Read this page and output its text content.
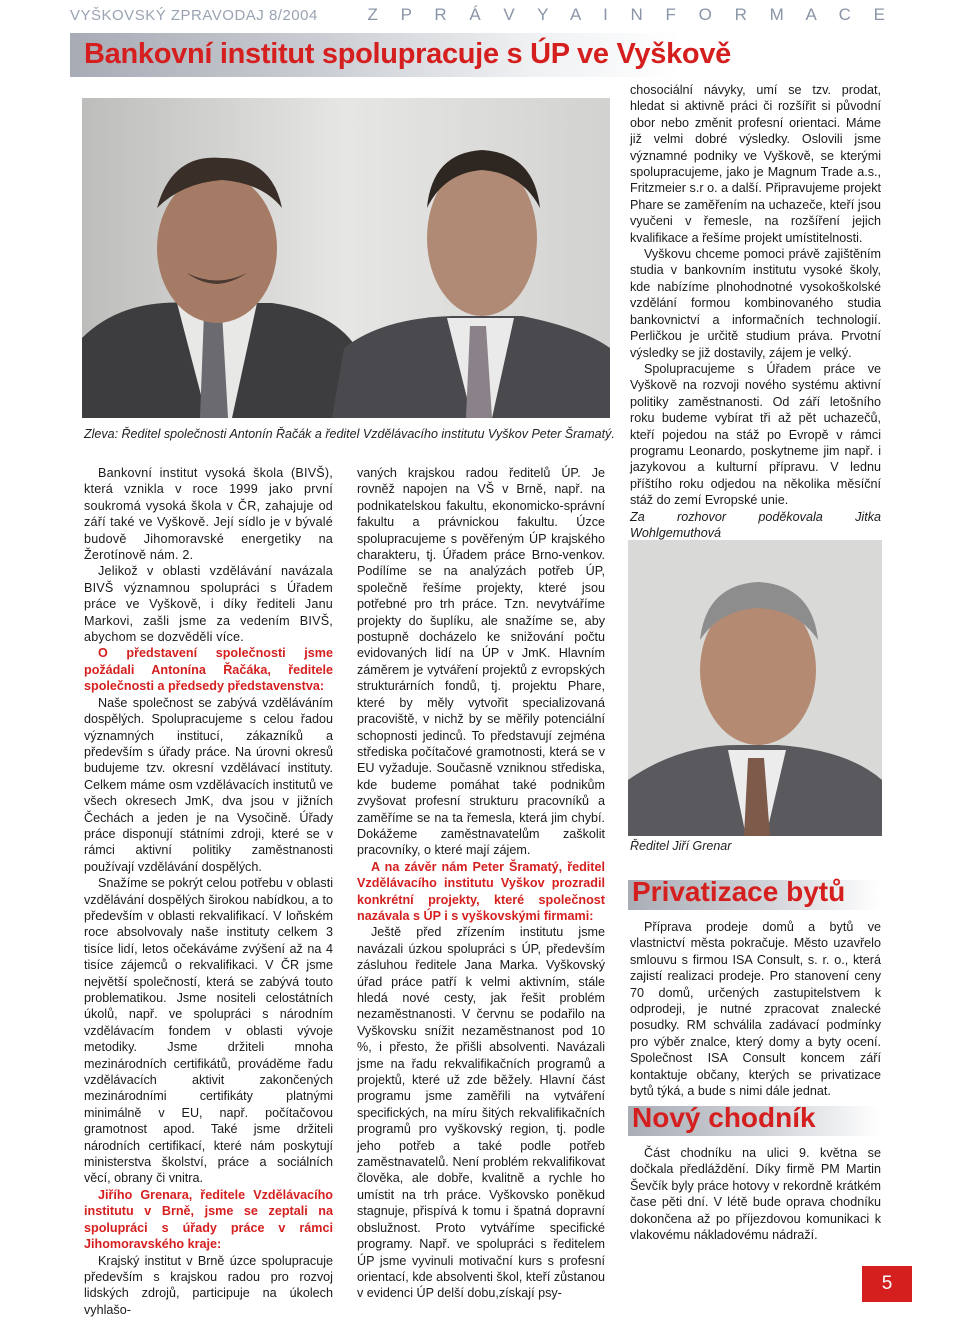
VYŠKOVSKÝ ZPRAVODAJ 8/2004	Z P R Á V Y A I N F O R M A C E
Bankovní institut spolupracuje s ÚP ve Vyškově
Zleva: Ředitel společnosti Antonín Řačák a ředitel Vzdělávacího institutu Vyškov Peter Šramatý.

Bankovní institut vysoká škola (BIVŠ), která vznikla v roce 1999 jako první soukromá vysoká škola v ČR, zahajuje od září také ve Vyškově. Její sídlo je v bývalé budově Jihomoravské energetiky na Žerotínově nám. 2.

Jelikož v oblasti vzdělávání navázala BIVŠ významnou spolupráci s Úřadem práce ve Vyškově, i díky řediteli Janu Markovi, zašli jsme za vedením BIVŠ, abychom se dozvěděli více.

O představení společnosti jsme požádali Antonína Řačáka, ředitele společnosti a předsedy představenstva:

Naše společnost se zabývá vzděláváním dospělých. Spolupracujeme s celou řadou významných institucí, zákazníků a především s úřady práce. Na úrovni okresů budujeme tzv. okresní vzdělávací instituty. Celkem máme osm vzdělávacích institutů ve všech okresech JmK, dva jsou v jižních Čechách a jeden je na Vysočině. Úřady práce disponují státními zdroji, které se v rámci aktivní politiky zaměstnanosti používají vzdělávání dospělých.

Snažíme se pokrýt celou potřebu v oblasti vzdělávání dospělých širokou nabídkou, a to především v oblasti rekvalifikací. V loňském roce absolvovaly naše instituty celkem 3 tisíce lidí, letos očekáváme zvýšení až na 4 tisíce zájemců o rekvalifikaci. V ČR jsme největší společností, která se zabývá touto problematikou. Jsme nositeli celostátních úkolů, např. ve spolupráci s národním vzdělávacím fondem v oblasti vývoje metodiky. Jsme držiteli mnoha mezinárodních certifikátů, prováděme řadu vzdělávacích aktivit zakončených mezinárodními certifikáty platnými minimálně v EU, např. počítačovou gramotnost apod. Také jsme držiteli národních certifikací, které nám poskytují ministerstva školství, práce a sociálních věcí, obrany či vnitra.

Jiřího Grenara, ředitele Vzdělávacího institutu v Brně, jsme se zeptali na spolupráci s úřady práce v rámci Jihomoravského kraje:

Krajský institut v Brně úzce spolupracuje především s krajskou radou pro rozvoj lidských zdrojů, participuje na úkolech vyhlašo-

vaných krajskou radou ředitelů ÚP. Je rovněž napojen na VŠ v Brně, např. na podnikatelskou fakultu, ekonomicko-správní fakultu a právnickou fakultu. Úzce spolupracujeme s pověřeným ÚP krajského charakteru, tj. Úřadem práce Brno-venkov. Podílíme se na analýzách potřeb ÚP, společně řešíme projekty, které jsou potřebné pro trh práce. Tzn. nevytváříme projekty do šuplíku, ale snažíme se, aby postupně docházelo ke snižování počtu evidovaných lidí na ÚP v JmK. Hlavním záměrem je vytváření projektů z evropských strukturárních fondů, tj. projektu Phare, které by měly vytvořit specializovaná pracoviště, v nichž by se měřily potenciální schopnosti jedinců. To představují zejména střediska počítačové gramotnosti, která se v EU vyžaduje. Současně vzniknou střediska, kde budeme pomáhat také podnikům zvyšovat profesní strukturu pracovníků a zaměříme se na ta řemesla, která jim chybí. Dokážeme zaměstnavatelům zaškolit pracovníky, o které mají zájem.

A na závěr nám Peter Šramatý, ředitel Vzdělávacího institutu Vyškov prozradil konkrétní projekty, které společnost nazávala s ÚP i s vyškovskými firmami:

Ještě před zřízením institutu jsme navázali úzkou spolupráci s ÚP, především zásluhou ředitele Jana Marka. Vyškovský úřad práce patří k velmi aktivním, stále hledá nové cesty, jak řešit problém nezaměstnanosti. V červnu se podařilo na Vyškovsku snížit nezaměstnanost pod 10 %, i přesto, že přišli absolventi. Navázali jsme na řadu rekvalifikačních programů a projektů, které už zde běžely. Hlavní část programu jsme zaměřili na vytváření specifických, na míru šitých rekvalifikačních programů pro vyškovský region, tj. podle jeho potřeb a také podle potřeb zaměstnavatelů. Není problém rekvalifikovat člověka, ale dobře, kvalitně a rychle ho umístit na trh práce. Vyškovsko poněkud stagnuje, přispívá k tomu i špatná dopravní obslužnost. Proto vytváříme specifické programy. Např. ve spolupráci s ředitelem ÚP jsme vyvinuli motivační kurs s profesní orientací, kde absolventi škol, kteří zůstanou v evidenci ÚP delší dobu,získají psy-

chosociální návyky, umí se tzv. prodat, hledat si aktivně práci či rozšířit si původní obor nebo změnit profesní orientaci. Máme již velmi dobré výsledky. Oslovili jsme významné podniky ve Vyškově, se kterými spolupracujeme, jako je Magnum Trade a.s., Fritzmeier s.r o. a další. Připravujeme projekt Phare se zaměřením na uchazeče, kteří jsou vyučeni v řemesle, na rozšíření jejich kvalifikace a řešíme projekt umístitelnosti.

Vyškovu chceme pomoci právě zajištěním studia v bankovním institutu vysoké školy, kde nabízíme plnohodnotné vysokoškolské vzdělání formou kombinovaného studia bankovnictví a informačních technologií. Perličkou je určitě studium práva. Prvotní výsledky se již dostavily, zájem je velký.

Spolupracujeme s Úřadem práce ve Vyškově na rozvoji nového systému aktivní politiky zaměstnanosti. Od září letošního roku budeme vybírat tři až pět uchazečů, kteří pojedou na stáž po Evropě v rámci programu Leonardo, poskytneme jim např. i jazykovou a kulturní přípravu. V lednu příštího roku odjedou na několika měsíční stáž do zemí Evropské unie.

Za rozhovor poděkovala Jitka Wohlgemuthová

Ředitel Jiří Grenar
Privatizace bytů

Příprava prodeje domů a bytů ve vlastnictví města pokračuje. Město uzavřelo smlouvu s firmou ISA Consult, s. r. o., která zajistí realizaci prodeje. Pro stanovení ceny 70 domů, určených zastupitelstvem k odprodeji, je nutné zpracovat znalecké posudky. RM schválila zadávací podmínky pro výběr znalce, který domy a byty ocení. Společnost ISA Consult koncem září kontaktuje občany, kterých se privatizace bytů týká, a bude s nimi dále jednat.

Nový chodník

Část chodníku na ulici 9. května se dočkala předláždění. Díky firmě PM Martin Ševčík byly práce hotovy v rekordně krátkém čase pěti dní. V létě bude oprava chodníku dokončena až po příjezdovou komunikaci k vlakovému nákladovému nádraží.

5
